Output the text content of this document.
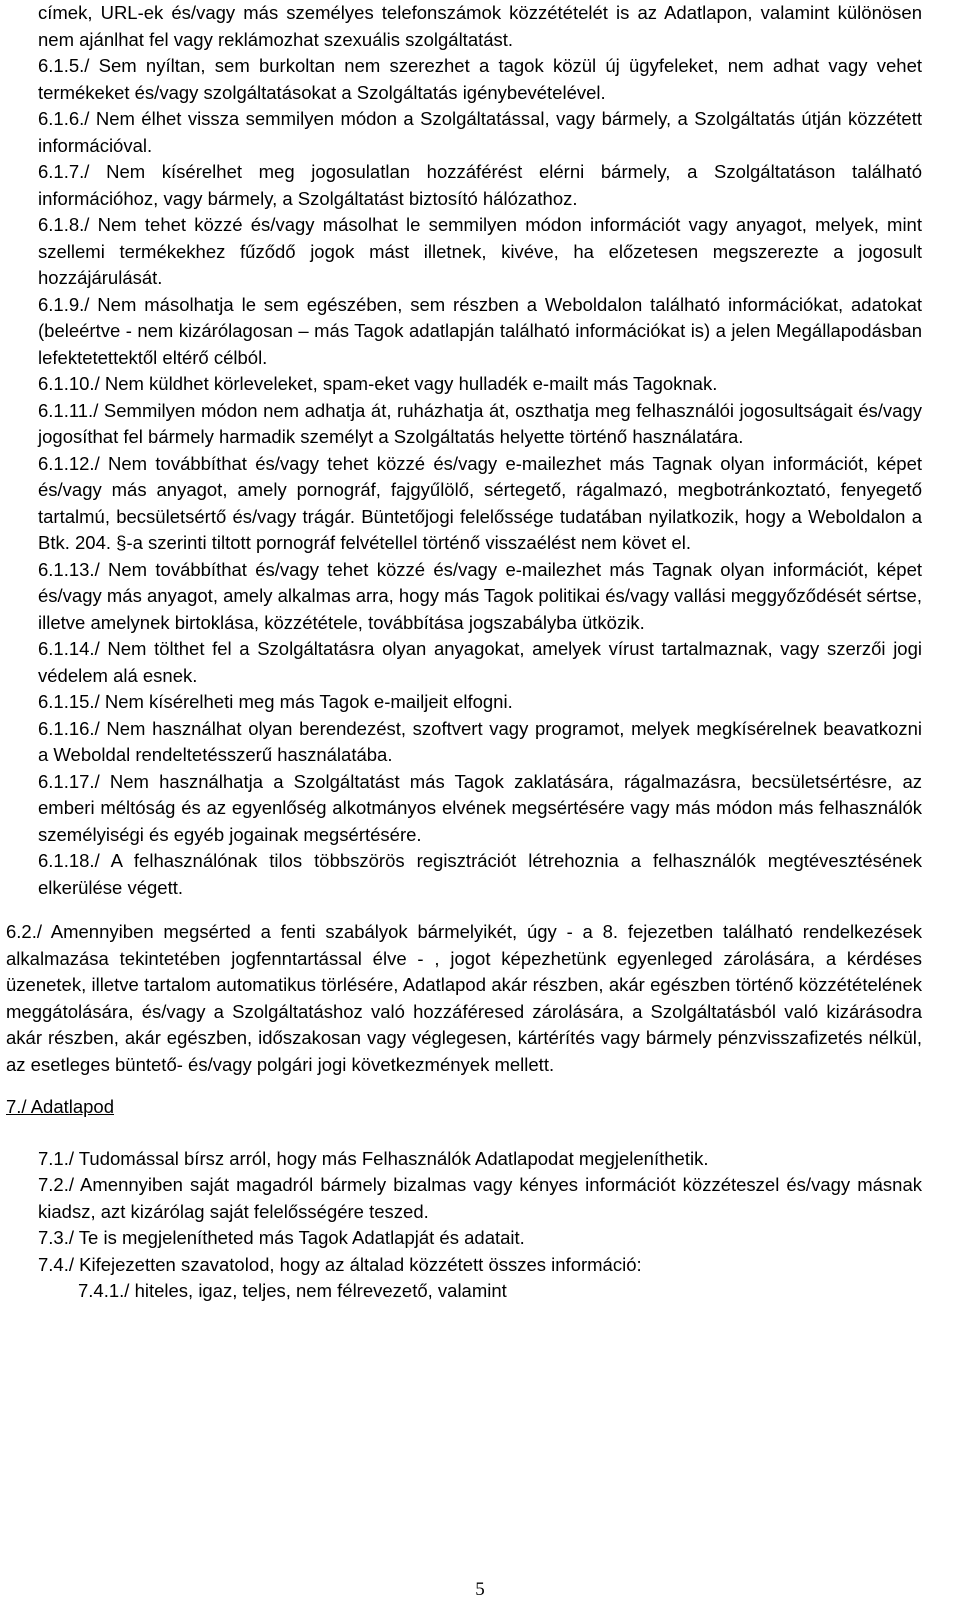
címek, URL-ek és/vagy más személyes telefonszámok közzétételét is az Adatlapon, valamint különösen nem ajánlhat fel vagy reklámozhat szexuális szolgáltatást.

6.1.5./ Sem nyíltan, sem burkoltan nem szerezhet a tagok közül új ügyfeleket, nem adhat vagy vehet termékeket és/vagy szolgáltatásokat a Szolgáltatás igénybevételével.

6.1.6./ Nem élhet vissza semmilyen módon a Szolgáltatással, vagy bármely, a Szolgáltatás útján közzétett információval.

6.1.7./ Nem kísérelhet meg jogosulatlan hozzáférést elérni bármely, a Szolgáltatáson található információhoz, vagy bármely, a Szolgáltatást biztosító hálózathoz.

6.1.8./ Nem tehet közzé és/vagy másolhat le semmilyen módon információt vagy anyagot, melyek, mint szellemi termékekhez fűződő jogok mást illetnek, kivéve, ha előzetesen megszerezte a jogosult hozzájárulását.

6.1.9./ Nem másolhatja le sem egészében, sem részben a Weboldalon található információkat, adatokat (beleértve - nem kizárólagosan – más Tagok adatlapján található információkat is) a jelen Megállapodásban lefektetettektől eltérő célból.

6.1.10./ Nem küldhet körleveleket, spam-eket vagy hulladék e-mailt más Tagoknak.

6.1.11./ Semmilyen módon nem adhatja át, ruházhatja át, oszthatja meg felhasználói jogosultságait és/vagy jogosíthat fel bármely harmadik személyt a Szolgáltatás helyette történő használatára.

6.1.12./ Nem továbbíthat és/vagy tehet közzé és/vagy e-mailezhet más Tagnak olyan információt, képet és/vagy más anyagot, amely pornográf, fajgyűlölő, sértegető, rágalmazó, megbotránkoztató, fenyegető tartalmú, becsületsértő és/vagy trágár. Büntetőjogi felelőssége tudatában nyilatkozik, hogy a Weboldalon a Btk. 204. §-a szerinti tiltott pornográf felvétellel történő visszaélést nem követ el.

6.1.13./ Nem továbbíthat és/vagy tehet közzé és/vagy e-mailezhet más Tagnak olyan információt, képet és/vagy más anyagot, amely alkalmas arra, hogy más Tagok politikai és/vagy vallási meggyőződését sértse, illetve amelynek birtoklása, közzététele, továbbítása jogszabályba ütközik.

6.1.14./ Nem tölthet fel a Szolgáltatásra olyan anyagokat, amelyek vírust tartalmaznak, vagy szerzői jogi védelem alá esnek.

6.1.15./ Nem kísérelheti meg más Tagok e-mailjeit elfogni.

6.1.16./ Nem használhat olyan berendezést, szoftvert vagy programot, melyek megkísérelnek beavatkozni a Weboldal rendeltetésszerű használatába.

6.1.17./ Nem használhatja a Szolgáltatást más Tagok zaklatására, rágalmazásra, becsületsértésre, az emberi méltóság és az egyenlőség alkotmányos elvének megsértésére vagy más módon más felhasználók személyiségi és egyéb jogainak megsértésére.

6.1.18./ A felhasználónak tilos többszörös regisztrációt létrehoznia a felhasználók megtévesztésének elkerülése végett.

6.2./ Amennyiben megsérted a fenti szabályok bármelyikét, úgy - a 8. fejezetben található rendelkezések alkalmazása tekintetében jogfenntartással élve - , jogot képezhetünk egyenleged zárolására, a kérdéses üzenetek, illetve tartalom automatikus törlésére, Adatlapod akár részben, akár egészben történő közzétételének meggátolására, és/vagy a Szolgáltatáshoz való hozzáféresed zárolására, a Szolgáltatásból való kizárásodra akár részben, akár egészben, időszakosan vagy véglegesen, kártérítés vagy bármely pénzvisszafizetés nélkül, az esetleges büntető- és/vagy polgári jogi következmények mellett.

7./ Adatlapod

7.1./ Tudomással bírsz arról, hogy más Felhasználók Adatlapodat megjeleníthetik.

7.2./ Amennyiben saját magadról bármely bizalmas vagy kényes információt közzéteszel és/vagy másnak kiadsz, azt kizárólag saját felelősségére teszed.

7.3./ Te is megjelenítheted más Tagok Adatlapját és adatait.

7.4./ Kifejezetten szavatolod, hogy az általad közzétett összes információ:

7.4.1./ hiteles, igaz, teljes, nem félrevezető, valamint

5
